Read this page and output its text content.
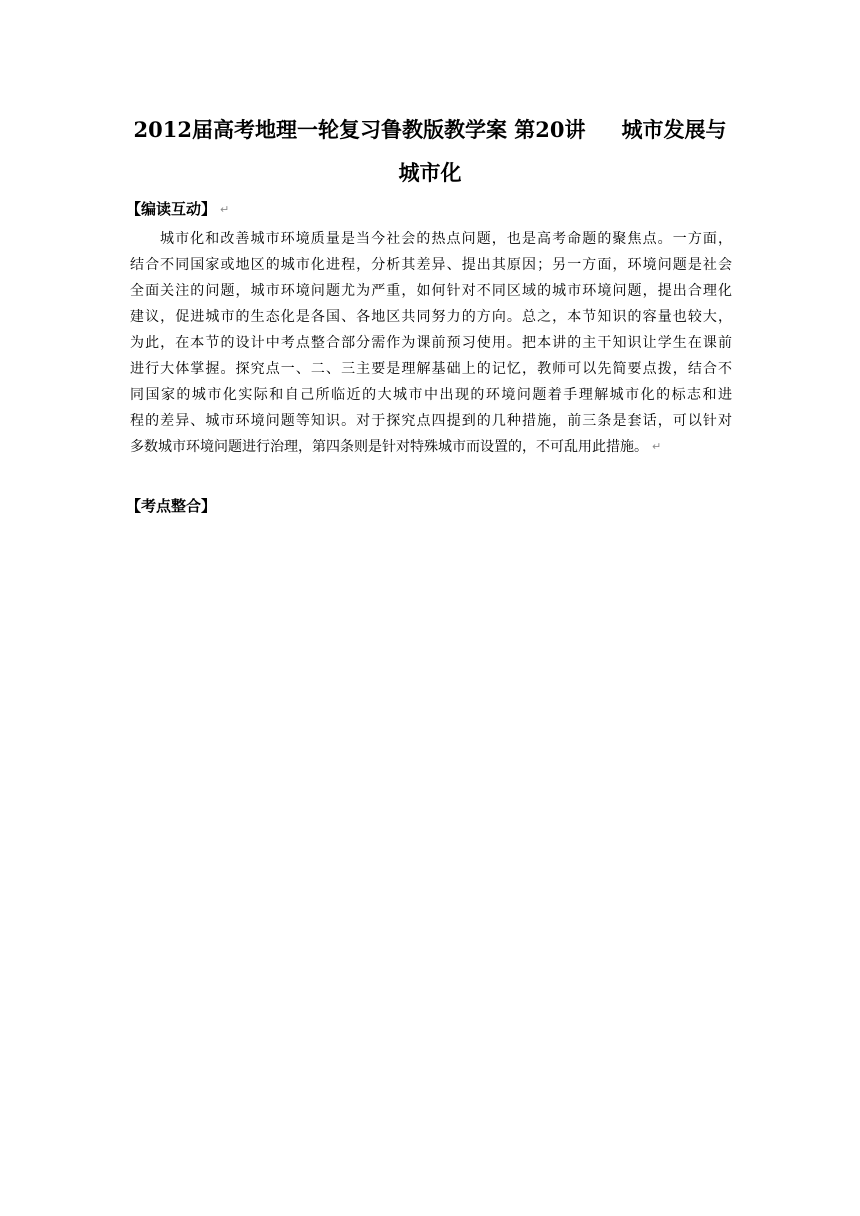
2012届高考地理一轮复习鲁教版教学案 第20讲 城市发展与
城市化
【编读互动】 ↵
城市化和改善城市环境质量是当今社会的热点问题，也是高考命题的聚焦点。一方面，
结合不同国家或地区的城市化进程，分析其差异、提出其原因；另一方面，环境问题是社会
全面关注的问题，城市环境问题尤为严重，如何针对不同区域的城市环境问题，提出合理化
建议，促进城市的生态化是各国、各地区共同努力的方向。总之，本节知识的容量也较大，
为此，在本节的设计中考点整合部分需作为课前预习使用。把本讲的主干知识让学生在课前
进行大体掌握。探究点一、二、三主要是理解基础上的记忆，教师可以先简要点拨，结合不
同国家的城市化实际和自己所临近的大城市中出现的环境问题着手理解城市化的标志和进
程的差异、城市环境问题等知识。对于探究点四提到的几种措施，前三条是套话，可以针对
多数城市环境问题进行治理，第四条则是针对特殊城市而设置的，不可乱用此措施。 ↵
【考点整合】
